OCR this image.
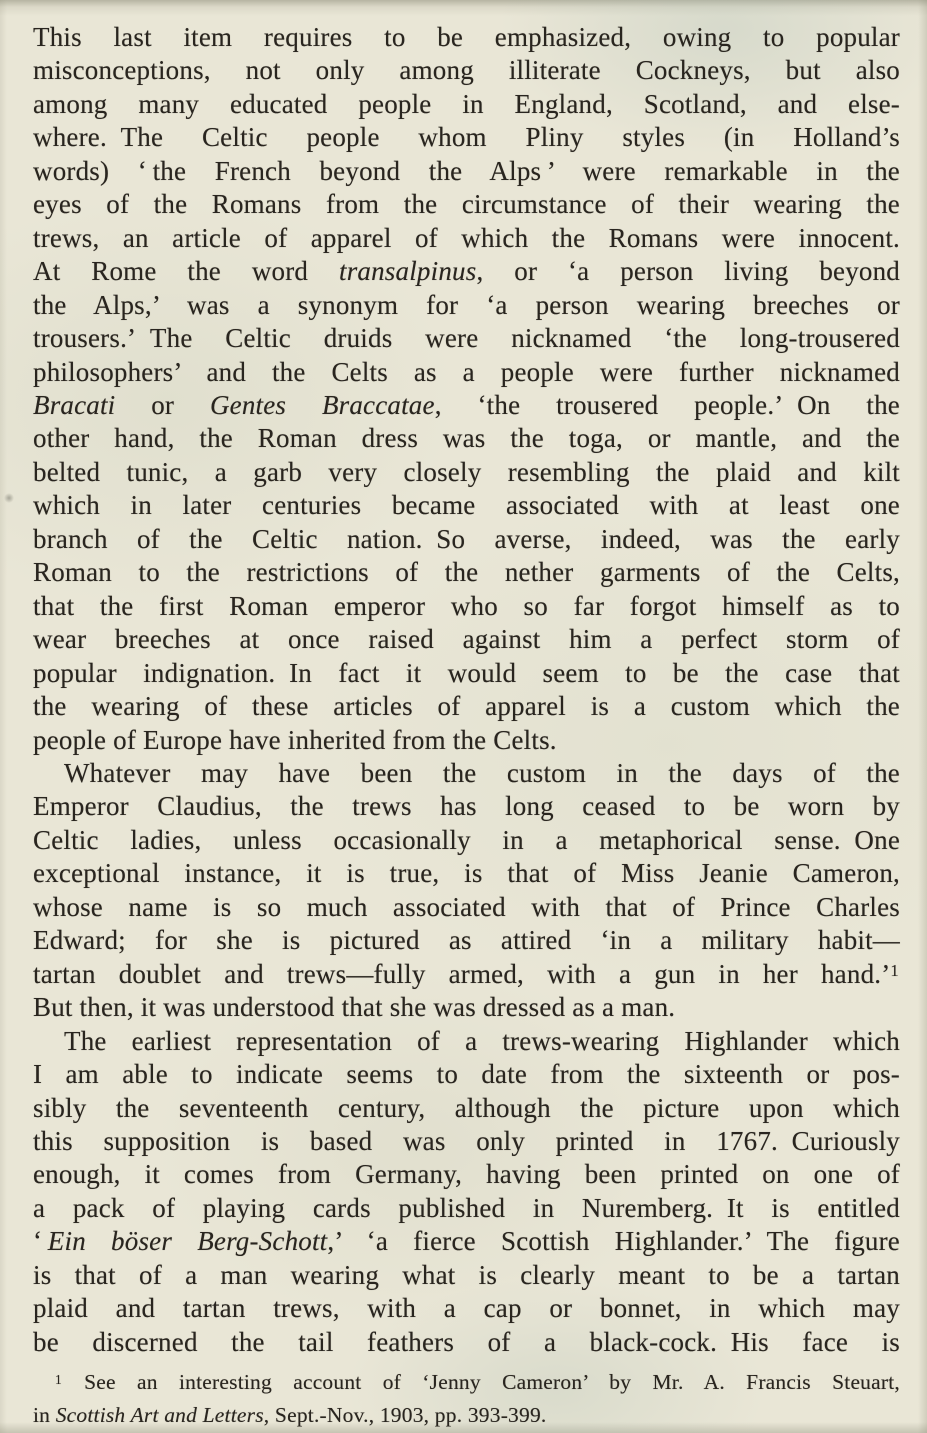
This last item requires to be emphasized, owing to popular
misconceptions, not only among illiterate Cockneys, but also
among many educated people in England, Scotland, and else-
where. The Celtic people whom Pliny styles (in Holland’s
words) ‘ the French beyond the Alps ’ were remarkable in the
eyes of the Romans from the circumstance of their wearing the
trews, an article of apparel of which the Romans were innocent.
At Rome the word transalpinus, or ‘a person living beyond
the Alps,’ was a synonym for ‘a person wearing breeches or
trousers.’ The Celtic druids were nicknamed ‘the long-trousered
philosophers’ and the Celts as a people were further nicknamed
Bracati or Gentes Braccatae, ‘the trousered people.’ On the
other hand, the Roman dress was the toga, or mantle, and the
belted tunic, a garb very closely resembling the plaid and kilt
which in later centuries became associated with at least one
branch of the Celtic nation. So averse, indeed, was the early
Roman to the restrictions of the nether garments of the Celts,
that the first Roman emperor who so far forgot himself as to
wear breeches at once raised against him a perfect storm of
popular indignation. In fact it would seem to be the case that
the wearing of these articles of apparel is a custom which the
people of Europe have inherited from the Celts.
Whatever may have been the custom in the days of the
Emperor Claudius, the trews has long ceased to be worn by
Celtic ladies, unless occasionally in a metaphorical sense. One
exceptional instance, it is true, is that of Miss Jeanie Cameron,
whose name is so much associated with that of Prince Charles
Edward; for she is pictured as attired ‘in a military habit—
tartan doublet and trews—fully armed, with a gun in her hand.’$^1$
But then, it was understood that she was dressed as a man.
The earliest representation of a trews-wearing Highlander which
I am able to indicate seems to date from the sixteenth or pos-
sibly the seventeenth century, although the picture upon which
this supposition is based was only printed in 1767. Curiously
enough, it comes from Germany, having been printed on one of
a pack of playing cards published in Nuremberg. It is entitled
‘ Ein böser Berg-Schott,’ ‘a fierce Scottish Highlander.’ The figure
is that of a man wearing what is clearly meant to be a tartan
plaid and tartan trews, with a cap or bonnet, in which may
be discerned the tail feathers of a black-cock. His face is
$^1$ See an interesting account of ‘Jenny Cameron’ by Mr. A. Francis Steuart,
in Scottish Art and Letters, Sept.-Nov., 1903, pp. 393-399.
